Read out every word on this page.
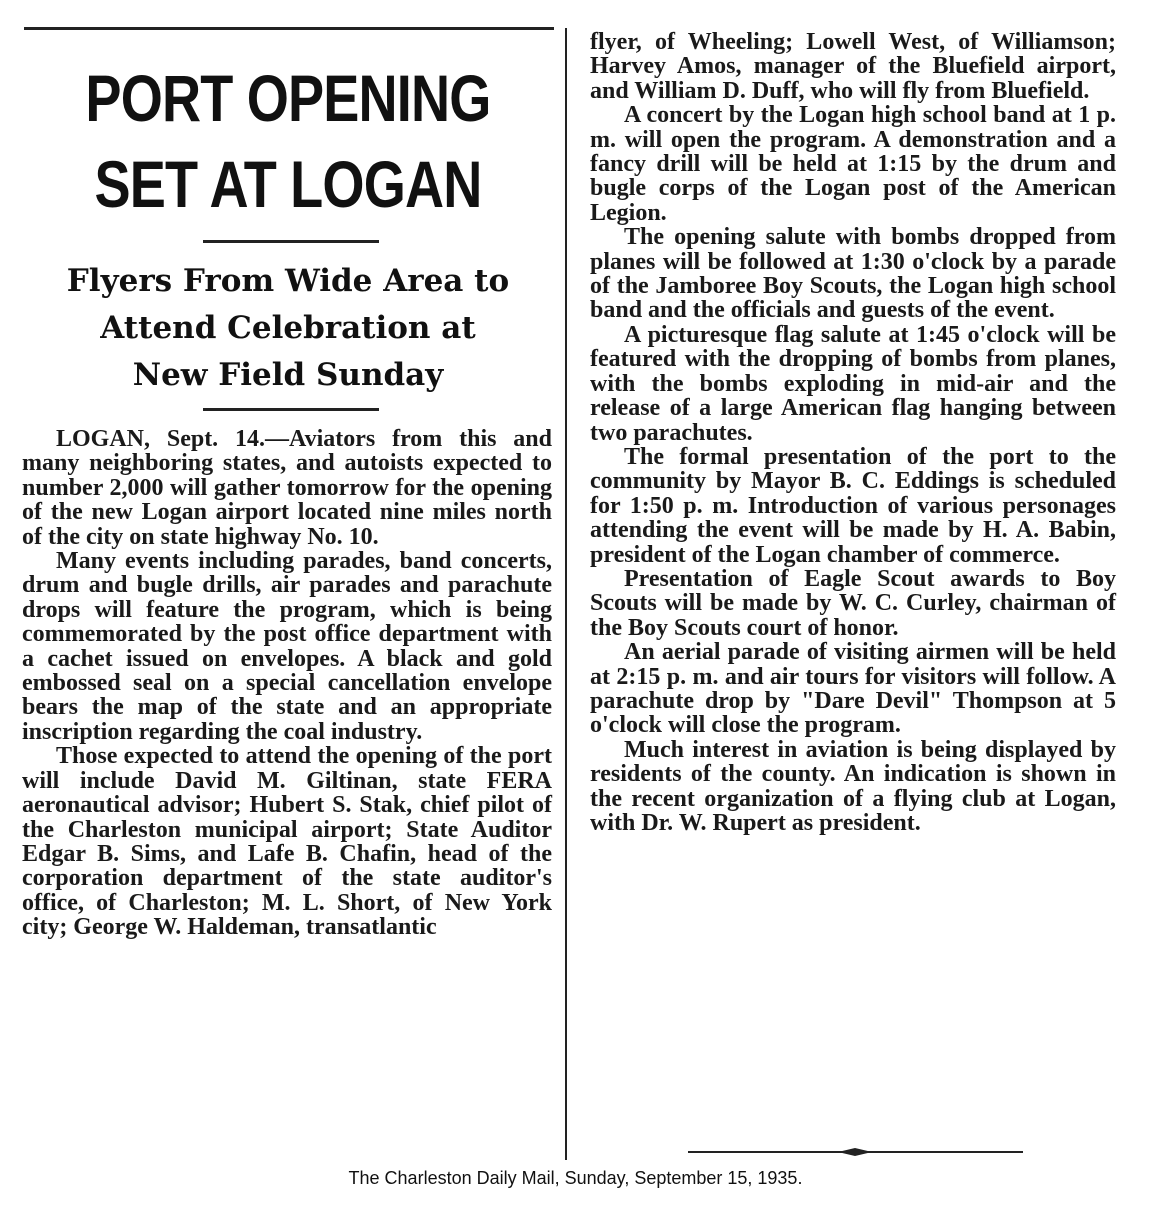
PORT OPENING
SET AT LOGAN
Flyers From Wide Area to
Attend Celebration at
New Field Sunday

LOGAN, Sept. 14.—Aviators from this and many neighboring states, and autoists expected to number 2,000 will gather tomorrow for the opening of the new Logan airport located nine miles north of the city on state highway No. 10.

Many events including parades, band concerts, drum and bugle drills, air parades and parachute drops will feature the program, which is being commemorated by the post office department with a cachet issued on envelopes. A black and gold embossed seal on a special cancellation envelope bears the map of the state and an appropriate inscription regarding the coal industry.

Those expected to attend the opening of the port will include David M. Giltinan, state FERA aeronautical advisor; Hubert S. Stak, chief pilot of the Charleston municipal airport; State Auditor Edgar B. Sims, and Lafe B. Chafin, head of the corporation department of the state auditor's office, of Charleston; M. L. Short, of New York city; George W. Haldeman, transatlantic

flyer, of Wheeling; Lowell West, of Williamson; Harvey Amos, manager of the Bluefield airport, and William D. Duff, who will fly from Bluefield.

A concert by the Logan high school band at 1 p. m. will open the program. A demonstration and a fancy drill will be held at 1:15 by the drum and bugle corps of the Logan post of the American Legion.

The opening salute with bombs dropped from planes will be followed at 1:30 o'clock by a parade of the Jamboree Boy Scouts, the Logan high school band and the officials and guests of the event.

A picturesque flag salute at 1:45 o'clock will be featured with the dropping of bombs from planes, with the bombs exploding in mid-air and the release of a large American flag hanging between two parachutes.

The formal presentation of the port to the community by Mayor B. C. Eddings is scheduled for 1:50 p. m. Introduction of various personages attending the event will be made by H. A. Babin, president of the Logan chamber of commerce.

Presentation of Eagle Scout awards to Boy Scouts will be made by W. C. Curley, chairman of the Boy Scouts court of honor.

An aerial parade of visiting airmen will be held at 2:15 p. m. and air tours for visitors will follow. A parachute drop by "Dare Devil" Thompson at 5 o'clock will close the program.

Much interest in aviation is being displayed by residents of the county. An indication is shown in the recent organization of a flying club at Logan, with Dr. W. Rupert as president.

The Charleston Daily Mail, Sunday, September 15, 1935.
